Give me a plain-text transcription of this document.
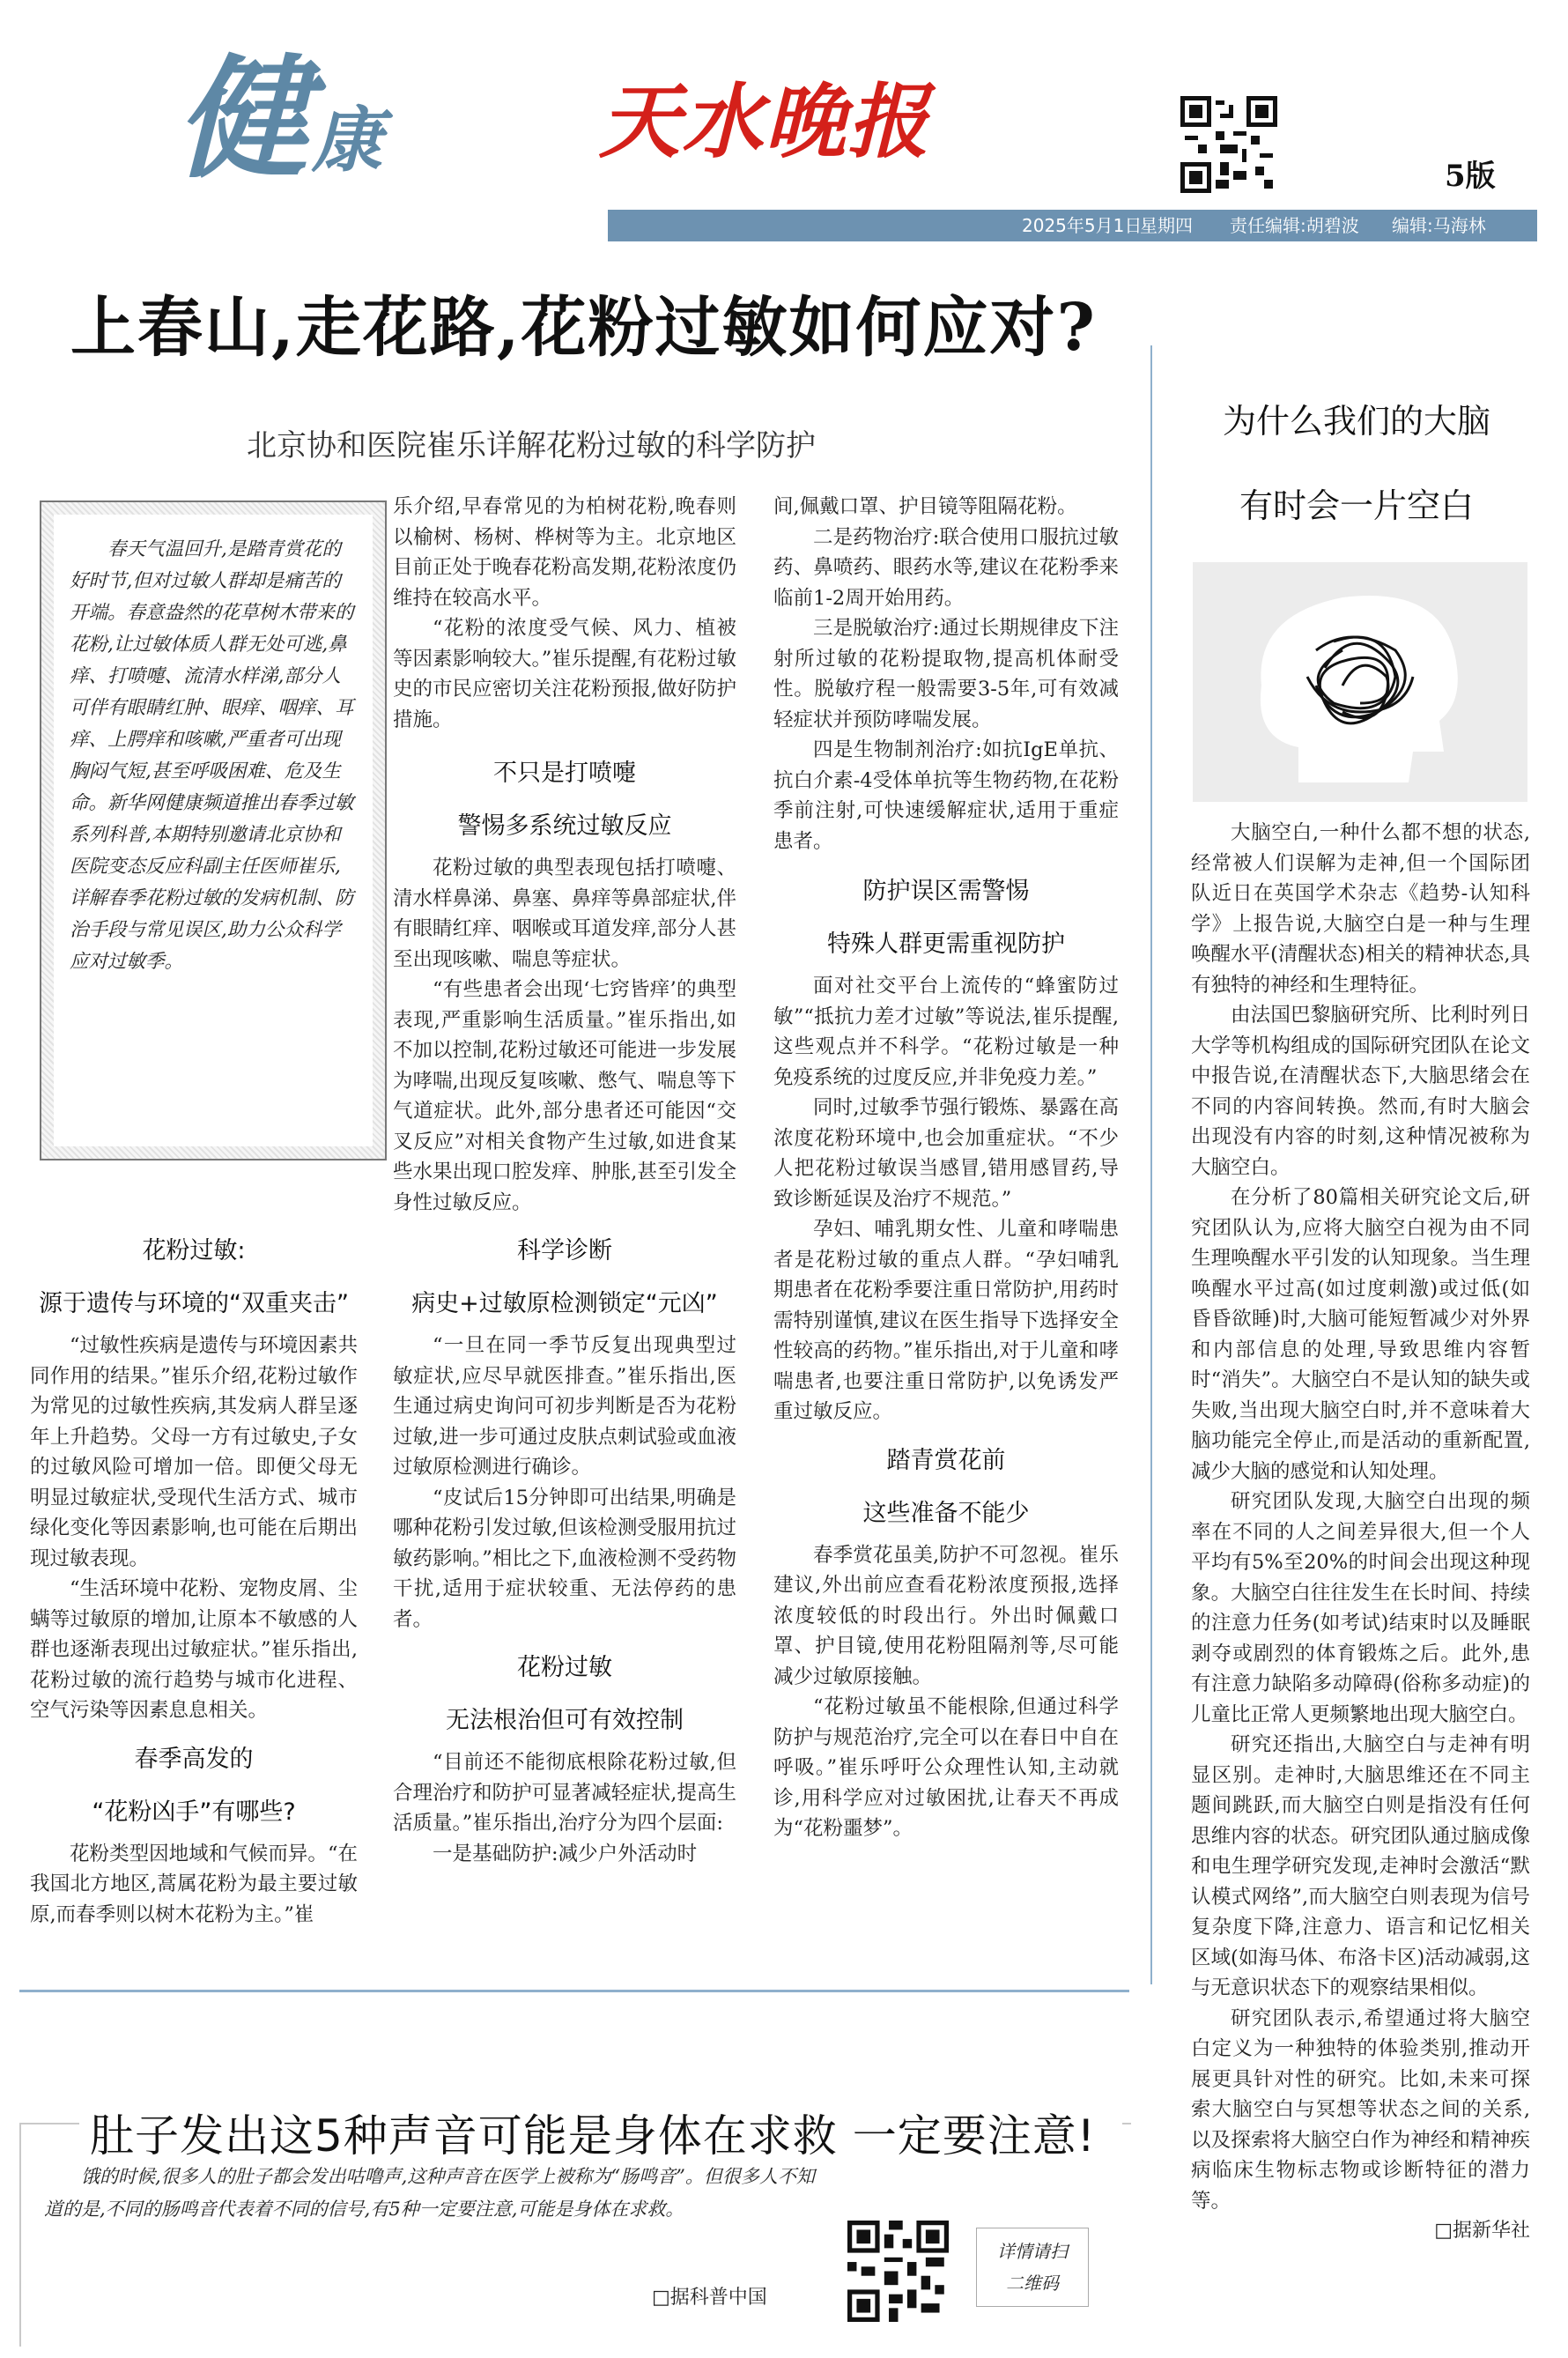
健康	天水晚报
5版
2025年5月1日
星期四 责任编辑:胡碧波 编辑:马海林
上春山,走花路,花粉过敏如何应对?
北京协和医院崔乐详解花粉过敏的科学防护
春天气温回升,是踏青赏花的好时节,但对过敏人群却是痛苦的开端。春意盎然的花草树木带来的花粉,让过敏体质人群无处可逃,鼻痒、打喷嚏、流清水样涕,部分人可伴有眼睛红肿、眼痒、咽痒、耳痒、上腭痒和咳嗽,严重者可出现胸闷气短,甚至呼吸困难、危及生命。新华网健康频道推出春季过敏系列科普,本期特别邀请北京协和医院变态反应科副主任医师崔乐,详解春季花粉过敏的发病机制、防治手段与常见误区,助力公众科学应对过敏季。
花粉过敏:
源于遗传与环境的“双重夹击”

“过敏性疾病是遗传与环境因素共同作用的结果。”崔乐介绍,花粉过敏作为常见的过敏性疾病,其发病人群呈逐年上升趋势。父母一方有过敏史,子女的过敏风险可增加一倍。即便父母无明显过敏症状,受现代生活方式、城市绿化变化等因素影响,也可能在后期出现过敏表现。

“生活环境中花粉、宠物皮屑、尘螨等过敏原的增加,让原本不敏感的人群也逐渐表现出过敏症状。”崔乐指出,花粉过敏的流行趋势与城市化进程、空气污染等因素息息相关。

春季高发的
“花粉凶手”有哪些?

花粉类型因地域和气候而异。“在我国北方地区,蒿属花粉为最主要过敏原,而春季则以树木花粉为主。”崔

乐介绍,早春常见的为柏树花粉,晚春则以榆树、杨树、桦树等为主。北京地区目前正处于晚春花粉高发期,花粉浓度仍维持在较高水平。

“花粉的浓度受气候、风力、植被等因素影响较大。”崔乐提醒,有花粉过敏史的市民应密切关注花粉预报,做好防护措施。

不只是打喷嚏
警惕多系统过敏反应

花粉过敏的典型表现包括打喷嚏、清水样鼻涕、鼻塞、鼻痒等鼻部症状,伴有眼睛红痒、咽喉或耳道发痒,部分人甚至出现咳嗽、喘息等症状。

“有些患者会出现‘七窍皆痒’的典型表现,严重影响生活质量。”崔乐指出,如不加以控制,花粉过敏还可能进一步发展为哮喘,出现反复咳嗽、憋气、喘息等下气道症状。此外,部分患者还可能因“交叉反应”对相关食物产生过敏,如进食某些水果出现口腔发痒、肿胀,甚至引发全身性过敏反应。

科学诊断
病史+过敏原检测锁定“元凶”

“一旦在同一季节反复出现典型过敏症状,应尽早就医排查。”崔乐指出,医生通过病史询问可初步判断是否为花粉过敏,进一步可通过皮肤点刺试验或血液过敏原检测进行确诊。

“皮试后15分钟即可出结果,明确是哪种花粉引发过敏,但该检测受服用抗过敏药影响。”相比之下,血液检测不受药物干扰,适用于症状较重、无法停药的患者。

花粉过敏
无法根治但可有效控制

“目前还不能彻底根除花粉过敏,但合理治疗和防护可显著减轻症状,提高生活质量。”崔乐指出,治疗分为四个层面:

一是基础防护:减少户外活动时

间,佩戴口罩、护目镜等阻隔花粉。

二是药物治疗:联合使用口服抗过敏药、鼻喷药、眼药水等,建议在花粉季来临前1-2周开始用药。

三是脱敏治疗:通过长期规律皮下注射所过敏的花粉提取物,提高机体耐受性。脱敏疗程一般需要3-5年,可有效减轻症状并预防哮喘发展。

四是生物制剂治疗:如抗IgE单抗、抗白介素-4受体单抗等生物药物,在花粉季前注射,可快速缓解症状,适用于重症患者。

防护误区需警惕
特殊人群更需重视防护

面对社交平台上流传的“蜂蜜防过敏”“抵抗力差才过敏”等说法,崔乐提醒,这些观点并不科学。“花粉过敏是一种免疫系统的过度反应,并非免疫力差。”

同时,过敏季节强行锻炼、暴露在高浓度花粉环境中,也会加重症状。“不少人把花粉过敏误当感冒,错用感冒药,导致诊断延误及治疗不规范。”

孕妇、哺乳期女性、儿童和哮喘患者是花粉过敏的重点人群。“孕妇哺乳期患者在花粉季要注重日常防护,用药时需特别谨慎,建议在医生指导下选择安全性较高的药物。”崔乐指出,对于儿童和哮喘患者,也要注重日常防护,以免诱发严重过敏反应。

踏青赏花前
这些准备不能少

春季赏花虽美,防护不可忽视。崔乐建议,外出前应查看花粉浓度预报,选择浓度较低的时段出行。外出时佩戴口罩、护目镜,使用花粉阻隔剂等,尽可能减少过敏原接触。

“花粉过敏虽不能根除,但通过科学防护与规范治疗,完全可以在春日中自在呼吸。”崔乐呼吁公众理性认知,主动就诊,用科学应对过敏困扰,让春天不再成为“花粉噩梦”。

为什么我们的大脑
有时会一片空白

大脑空白,一种什么都不想的状态,经常被人们误解为走神,但一个国际团队近日在英国学术杂志《趋势-认知科学》上报告说,大脑空白是一种与生理唤醒水平(清醒状态)相关的精神状态,具有独特的神经和生理特征。

由法国巴黎脑研究所、比利时列日大学等机构组成的国际研究团队在论文中报告说,在清醒状态下,大脑思绪会在不同的内容间转换。然而,有时大脑会出现没有内容的时刻,这种情况被称为大脑空白。

在分析了80篇相关研究论文后,研究团队认为,应将大脑空白视为由不同生理唤醒水平引发的认知现象。当生理唤醒水平过高(如过度刺激)或过低(如昏昏欲睡)时,大脑可能短暂减少对外界和内部信息的处理,导致思维内容暂时“消失”。大脑空白不是认知的缺失或失败,当出现大脑空白时,并不意味着大脑功能完全停止,而是活动的重新配置,减少大脑的感觉和认知处理。

研究团队发现,大脑空白出现的频率在不同的人之间差异很大,但一个人平均有5%至20%的时间会出现这种现象。大脑空白往往发生在长时间、持续的注意力任务(如考试)结束时以及睡眠剥夺或剧烈的体育锻炼之后。此外,患有注意力缺陷多动障碍(俗称多动症)的儿童比正常人更频繁地出现大脑空白。

研究还指出,大脑空白与走神有明显区别。走神时,大脑思维还在不同主题间跳跃,而大脑空白则是指没有任何思维内容的状态。研究团队通过脑成像和电生理学研究发现,走神时会激活“默认模式网络”,而大脑空白则表现为信号复杂度下降,注意力、语言和记忆相关区域(如海马体、布洛卡区)活动减弱,这与无意识状态下的观察结果相似。

研究团队表示,希望通过将大脑空白定义为一种独特的体验类别,推动开展更具针对性的研究。比如,未来可探索大脑空白与冥想等状态之间的关系,以及探索将大脑空白作为神经和精神疾病临床生物标志物或诊断特征的潜力等。

□据新华社
肚子发出这5种声音可能是身体在求救 一定要注意!
饿的时候,很多人的肚子都会发出咕噜声,这种声音在医学上被称为“肠鸣音”。但很多人不知道的是,不同的肠鸣音代表着不同的信号,有5种一定要注意,可能是身体在求救。
□据科普中国
详情请扫
二维码
